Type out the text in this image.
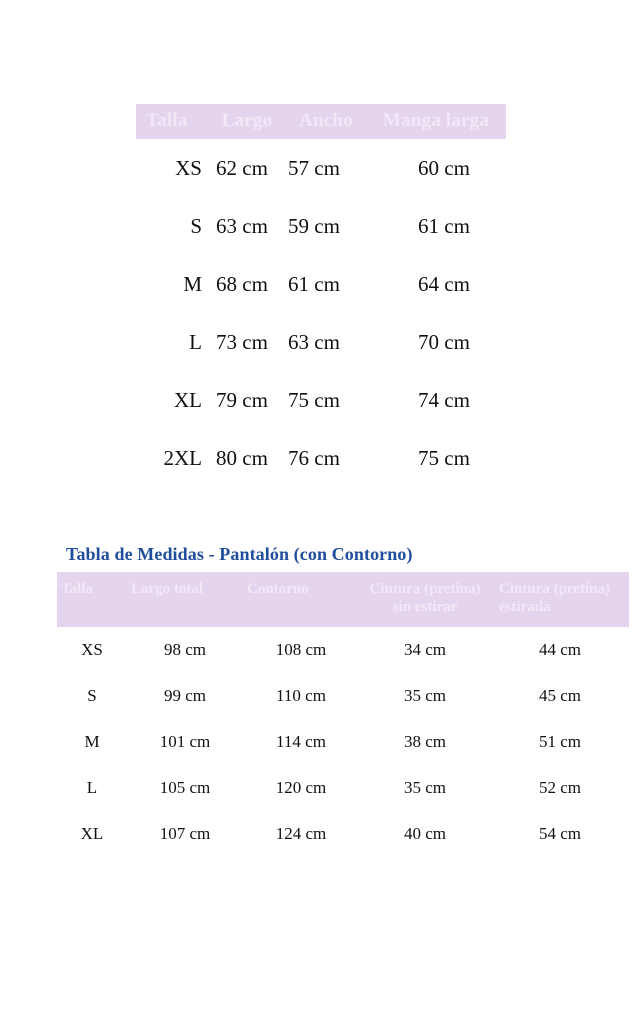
Talla	Largo	Ancho	Manga larga
XS	62 cm	57 cm	60 cm
S	63 cm	59 cm	61 cm
M	68 cm	61 cm	64 cm
L	73 cm	63 cm	70 cm
XL	79 cm	75 cm	74 cm
2XL	80 cm	76 cm	75 cm
Tabla de Medidas - Pantalón (con Contorno)
Talla	Largo total	Contorno	Cintura (pretina) sin estirar	Cintura (pretina) estirada
XS	98 cm	108 cm	34 cm	44 cm
S	99 cm	110 cm	35 cm	45 cm
M	101 cm	114 cm	38 cm	51 cm
L	105 cm	120 cm	35 cm	52 cm
XL	107 cm	124 cm	40 cm	54 cm
